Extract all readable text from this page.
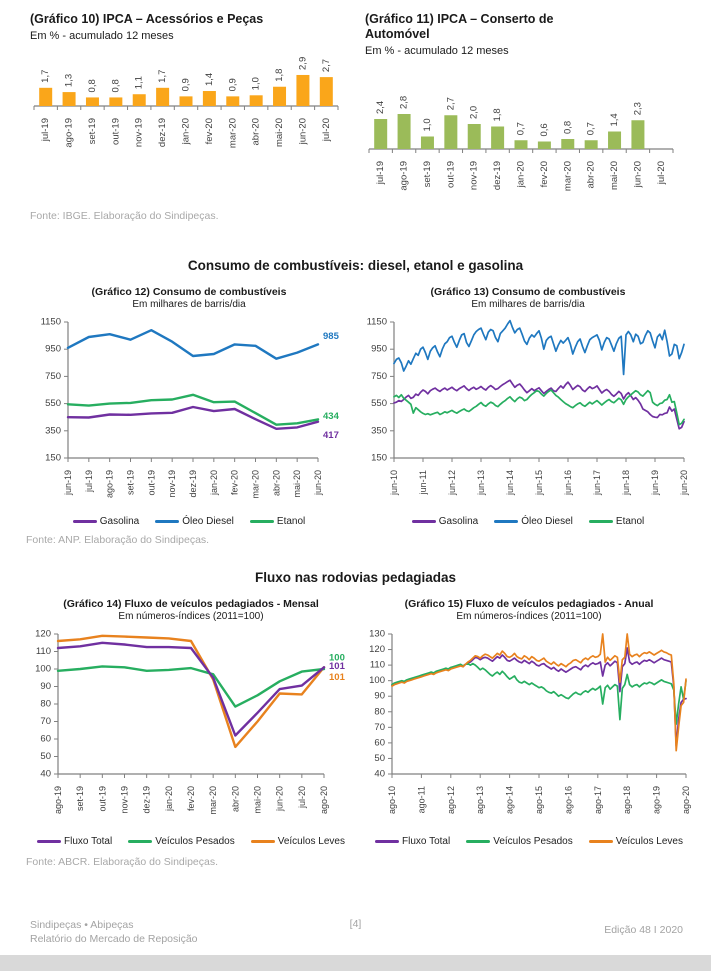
(Gráfico 10) IPCA – Acessórios e Peças
Em % - acumulado 12 meses
1,7
jul-19
1,3
ago-19
0,8
set-19
0,8
out-19
1,1
nov-19
1,7
dez-19
0,9
jan-20
1,4
fev-20
0,9
mar-20
1,0
abr-20
1,8
mai-20
2,9
jun-20
2,7
jul-20
(Gráfico 11) IPCA – Conserto de Automóvel
Em % - acumulado 12 meses
2,4
jul-19
2,8
ago-19
1,0
set-19
2,7
out-19
2,0
nov-19
1,8
dez-19
0,7
jan-20
0,6
fev-20
0,8
mar-20
0,7
abr-20
1,4
mai-20
2,3
jun-20 jul-20
Fonte: IBGE. Elaboração do Sindipeças.
Consumo de combustíveis: diesel, etanol e gasolina
(Gráfico 12) Consumo de combustíveis
Em milhares de barris/dia
jun-19 jul-19 ago-19 set-19 out-19 nov-19 dez-19 jan-20 fev-20 mar-20 abr-20 mai-20 jun-20
150
350
550
750
950
1150
417
985
434
Gasolina	Óleo Diesel	Etanol
(Gráfico 13) Consumo de combustíveis
Em milhares de barris/dia
jun-10 jun-11 jun-12 jun-13 jun-14 jun-15 jun-16 jun-17 jun-18 jun-19 jun-20
150
350
550
750
950
1150
Gasolina	Óleo Diesel	Etanol
Fonte: ANP. Elaboração do Sindipeças.
Fluxo nas rodovias pedagiadas
(Gráfico 14) Fluxo de veículos pedagiados - Mensal
Em números-índices (2011=100)
ago-19 set-19 out-19 nov-19 dez-19 jan-20 fev-20 mar-20 abr-20 mai-20 jun-20 jul-20 ago-20
40
50
60
70
80
90
100
110
120
101
100
101
Fluxo Total	Veículos Pesados	Veículos Leves
(Gráfico 15) Fluxo de veículos pedagiados - Anual
Em números-índices (2011=100)
ago-10 ago-11 ago-12 ago-13 ago-14 ago-15 ago-16 ago-17 ago-18 ago-19 ago-20
40
50
60
70
80
90
100
110
120
130
Fluxo Total	Veículos Pesados	Veículos Leves
Fonte: ABCR. Elaboração do Sindipeças.
Sindipeças • Abipeças
Relatório do Mercado de Reposição
[4]	Edição 48 I 2020
